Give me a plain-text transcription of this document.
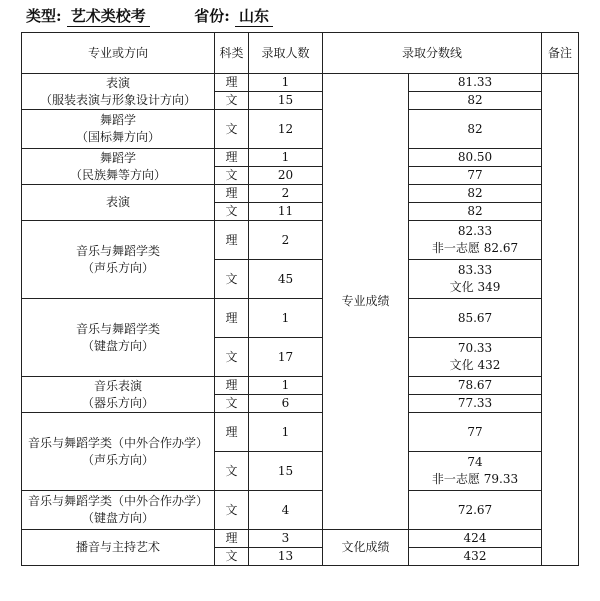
类型: 艺术类校考	省份: 山东
专业或方向	科类	录取人数	录取分数线		备注

表演
（服装表演与形象设计方向）	理	1	专业成绩	81.33	

	文	15		82	

舞蹈学
（国标舞方向）	文	12		82	

舞蹈学
（民族舞等方向）	理	1		80.50	

	文	20		77	

表演	理	2		82	

	文	11		82	

音乐与舞蹈学类
（声乐方向）	理	2		82.33
非一志愿 82.67	

	文	45		83.33
文化 349	

音乐与舞蹈学类
（键盘方向）	理	1		85.67	

	文	17		70.33
文化 432	

音乐表演
（器乐方向）	理	1		78.67	

	文	6		77.33	

音乐与舞蹈学类（中外合作办学）
（声乐方向）	理	1		77	

	文	15		74
非一志愿 79.33	

音乐与舞蹈学类（中外合作办学）
（键盘方向）	文	4		72.67	

播音与主持艺术	理	3	文化成绩	424	

	文	13		432	
